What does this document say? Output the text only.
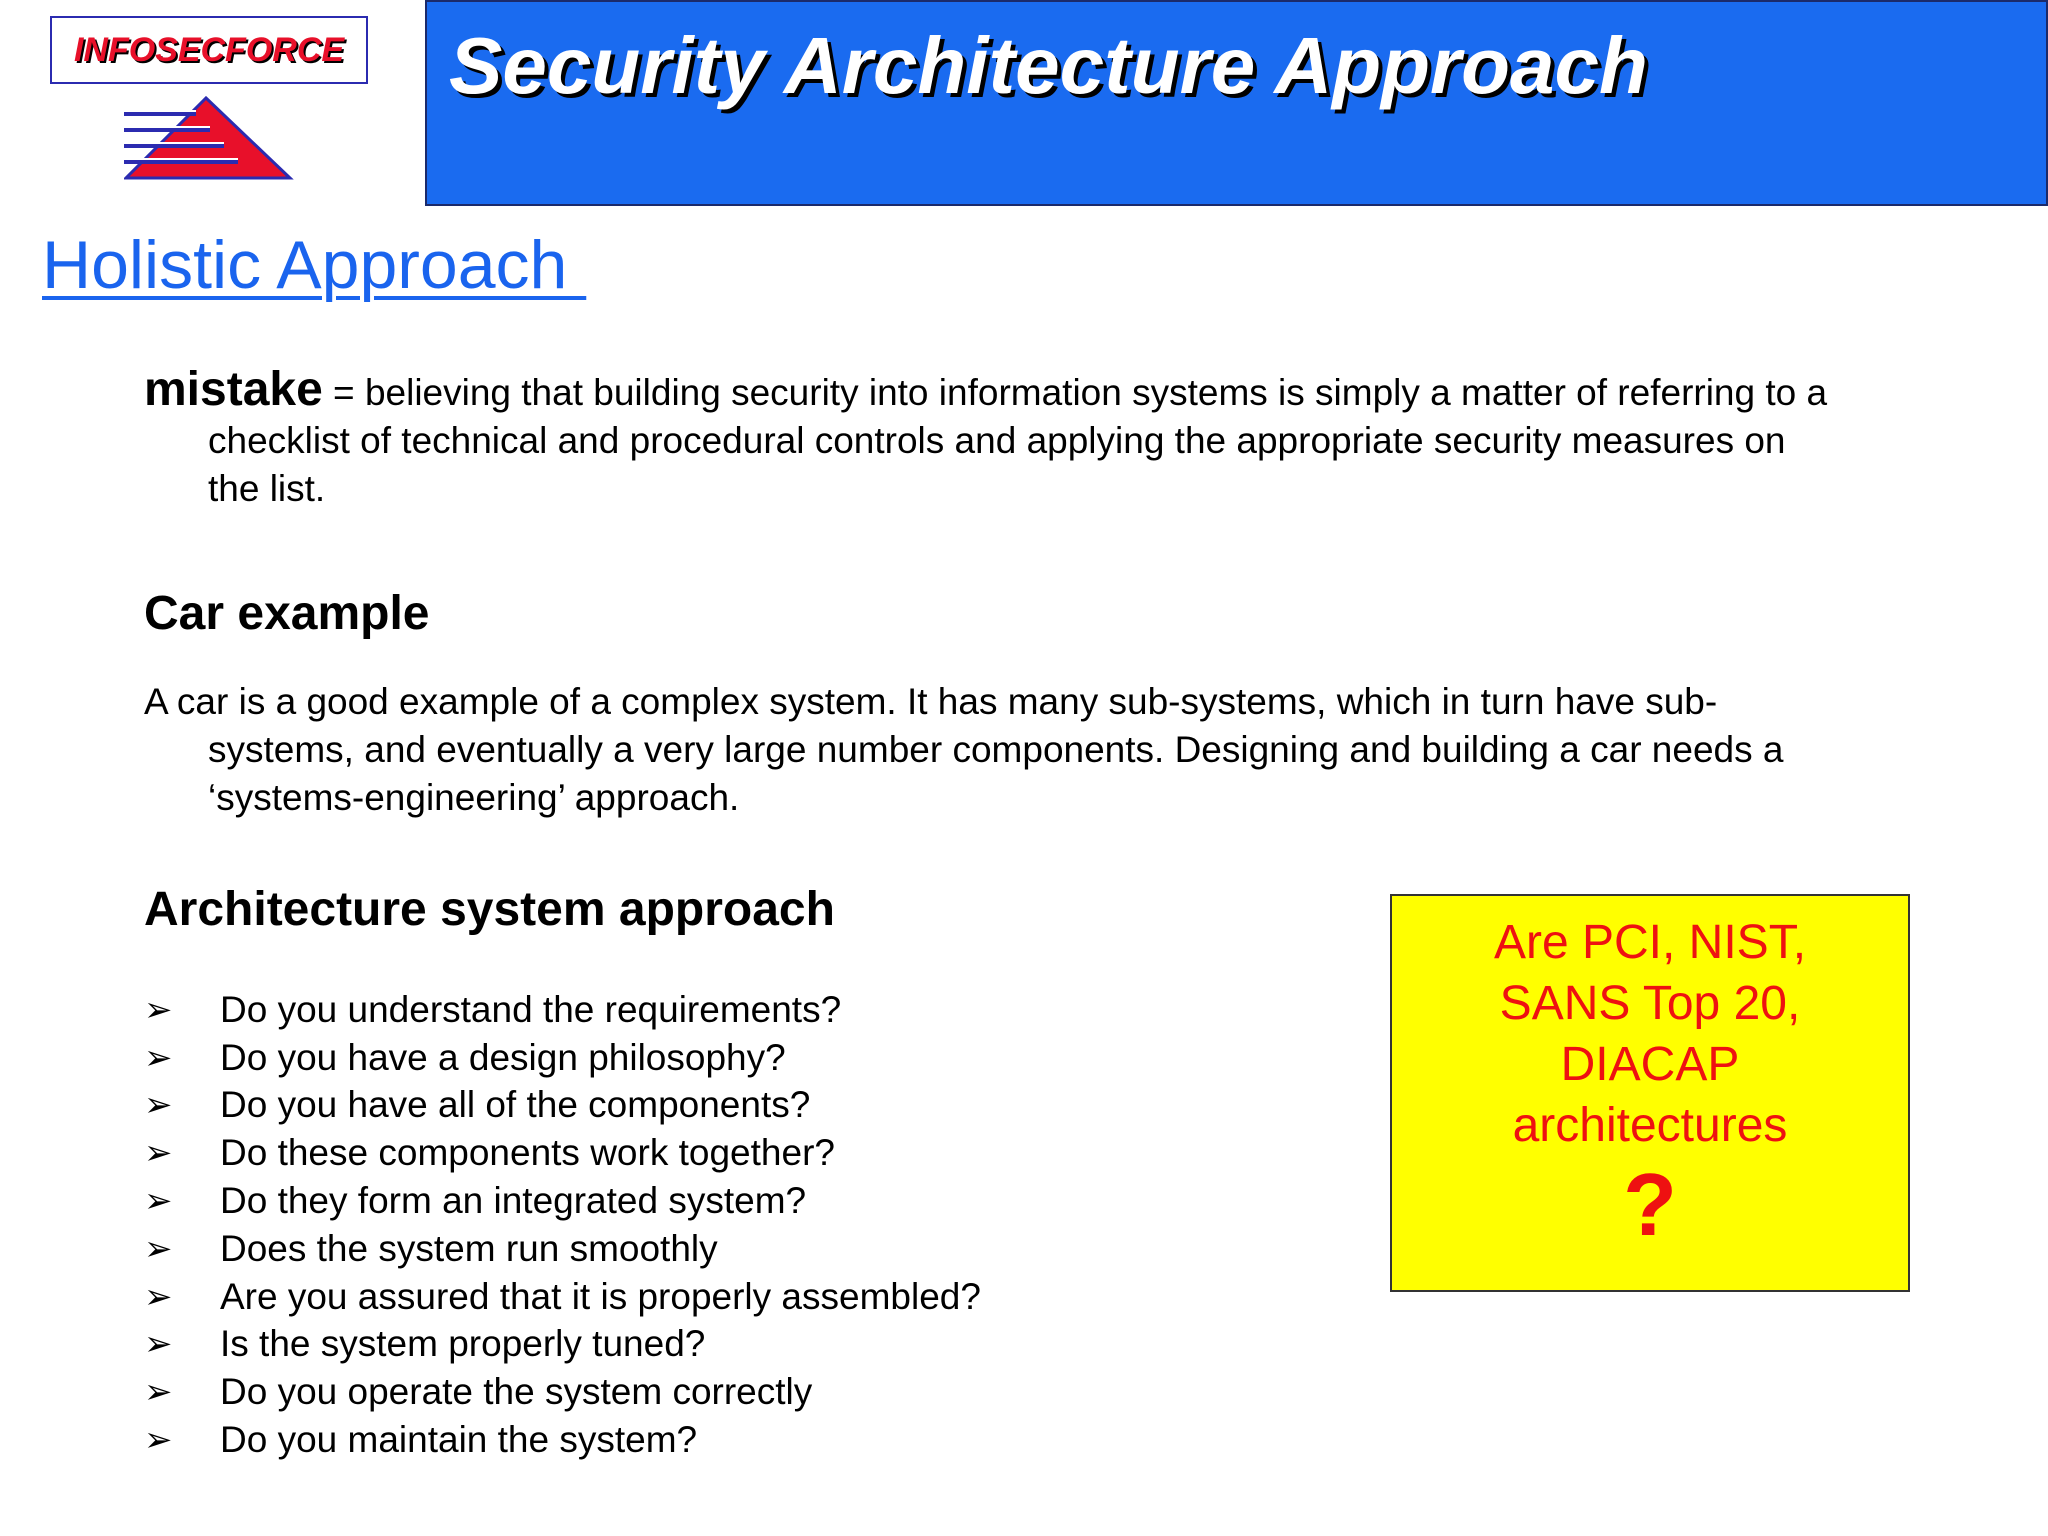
INFOSECFORCE Security Architecture Approach
Holistic Approach

mistake = believing that building security into information systems is simply a matter of referring to a checklist of technical and procedural controls and applying the appropriate security measures on the list.

Car example

A car is a good example of a complex system. It has many sub-systems, which in turn have sub-systems, and eventually a very large number components. Designing and building a car needs a ‘systems-engineering’ approach.

Architecture system approach
➢	Do you understand the requirements?
➢	Do you have a design philosophy?
➢	Do you have all of the components?
➢	Do these components work together?
➢	Do they form an integrated system?
➢	Does the system run smoothly
➢	Are you assured that it is properly assembled?
➢	Is the system properly tuned?
➢	Do you operate the system correctly
➢	Do you maintain the system?
Are PCI, NIST,
SANS Top 20,
DIACAP
architectures
?
